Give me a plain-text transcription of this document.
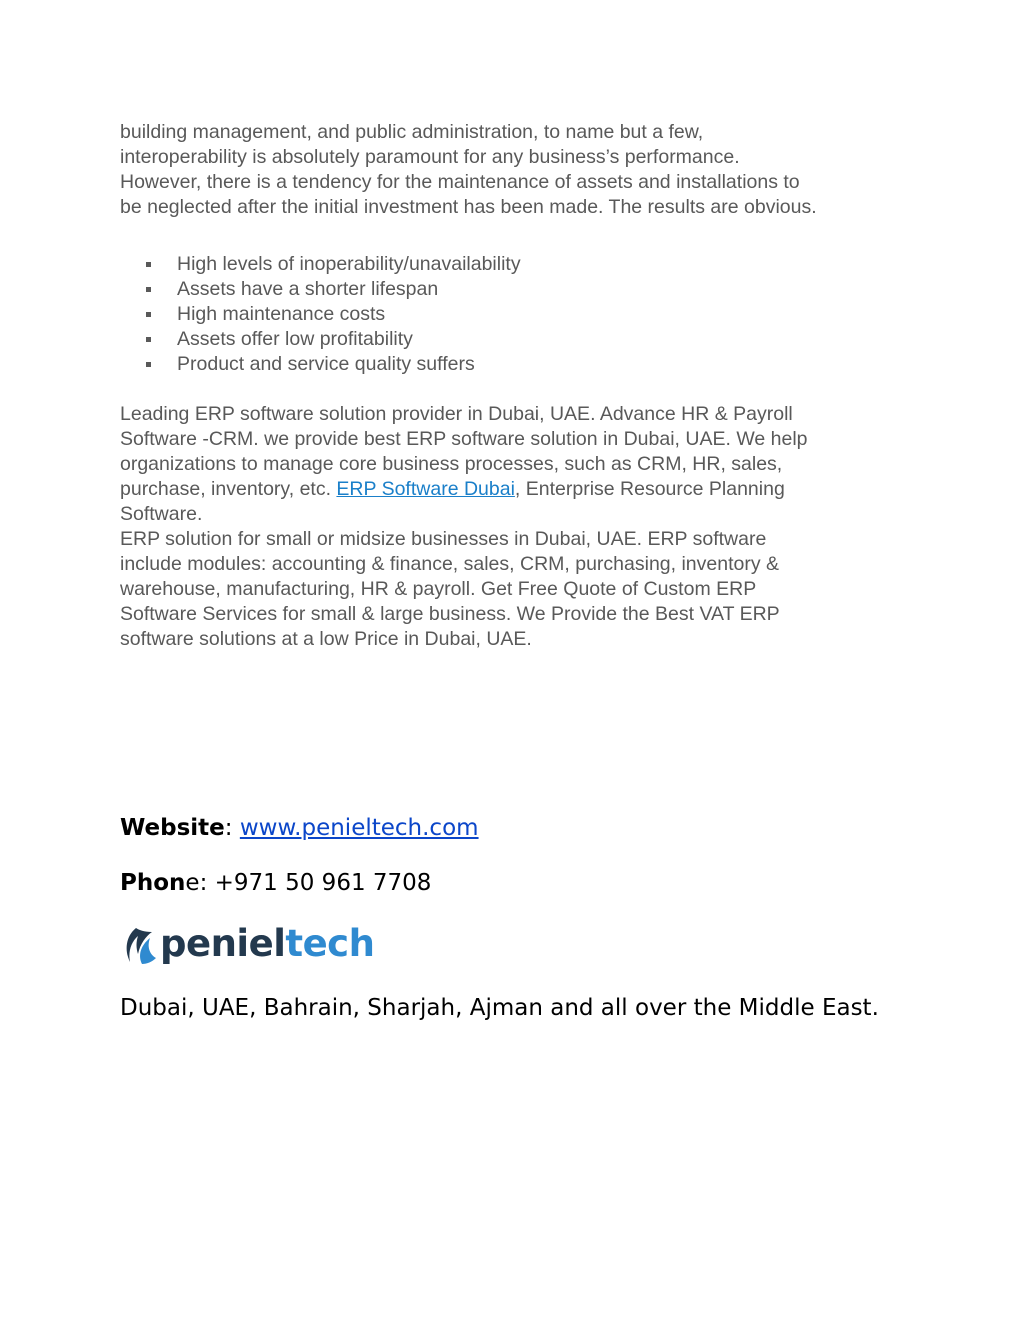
building management, and public administration, to name but a few,
interoperability is absolutely paramount for any business’s performance.
However, there is a tendency for the maintenance of assets and installations to
be neglected after the initial investment has been made. The results are obvious.

High levels of inoperability/unavailability
Assets have a shorter lifespan
High maintenance costs
Assets offer low profitability
Product and service quality suffers

Leading ERP software solution provider in Dubai, UAE. Advance HR & Payroll
Software -CRM. we provide best ERP software solution in Dubai, UAE. We help
organizations to manage core business processes, such as CRM, HR, sales,
purchase, inventory, etc. ERP Software Dubai, Enterprise Resource Planning
Software.

ERP solution for small or midsize businesses in Dubai, UAE. ERP software
include modules: accounting & finance, sales, CRM, purchasing, inventory &
warehouse, manufacturing, HR & payroll. Get Free Quote of Custom ERP
Software Services for small & large business. We Provide the Best VAT ERP
software solutions at a low Price in Dubai, UAE.

Website: www.penieltech.com
Phone: +971 50 961 7708
penieltech
Dubai, UAE, Bahrain, Sharjah, Ajman and all over the Middle East.
